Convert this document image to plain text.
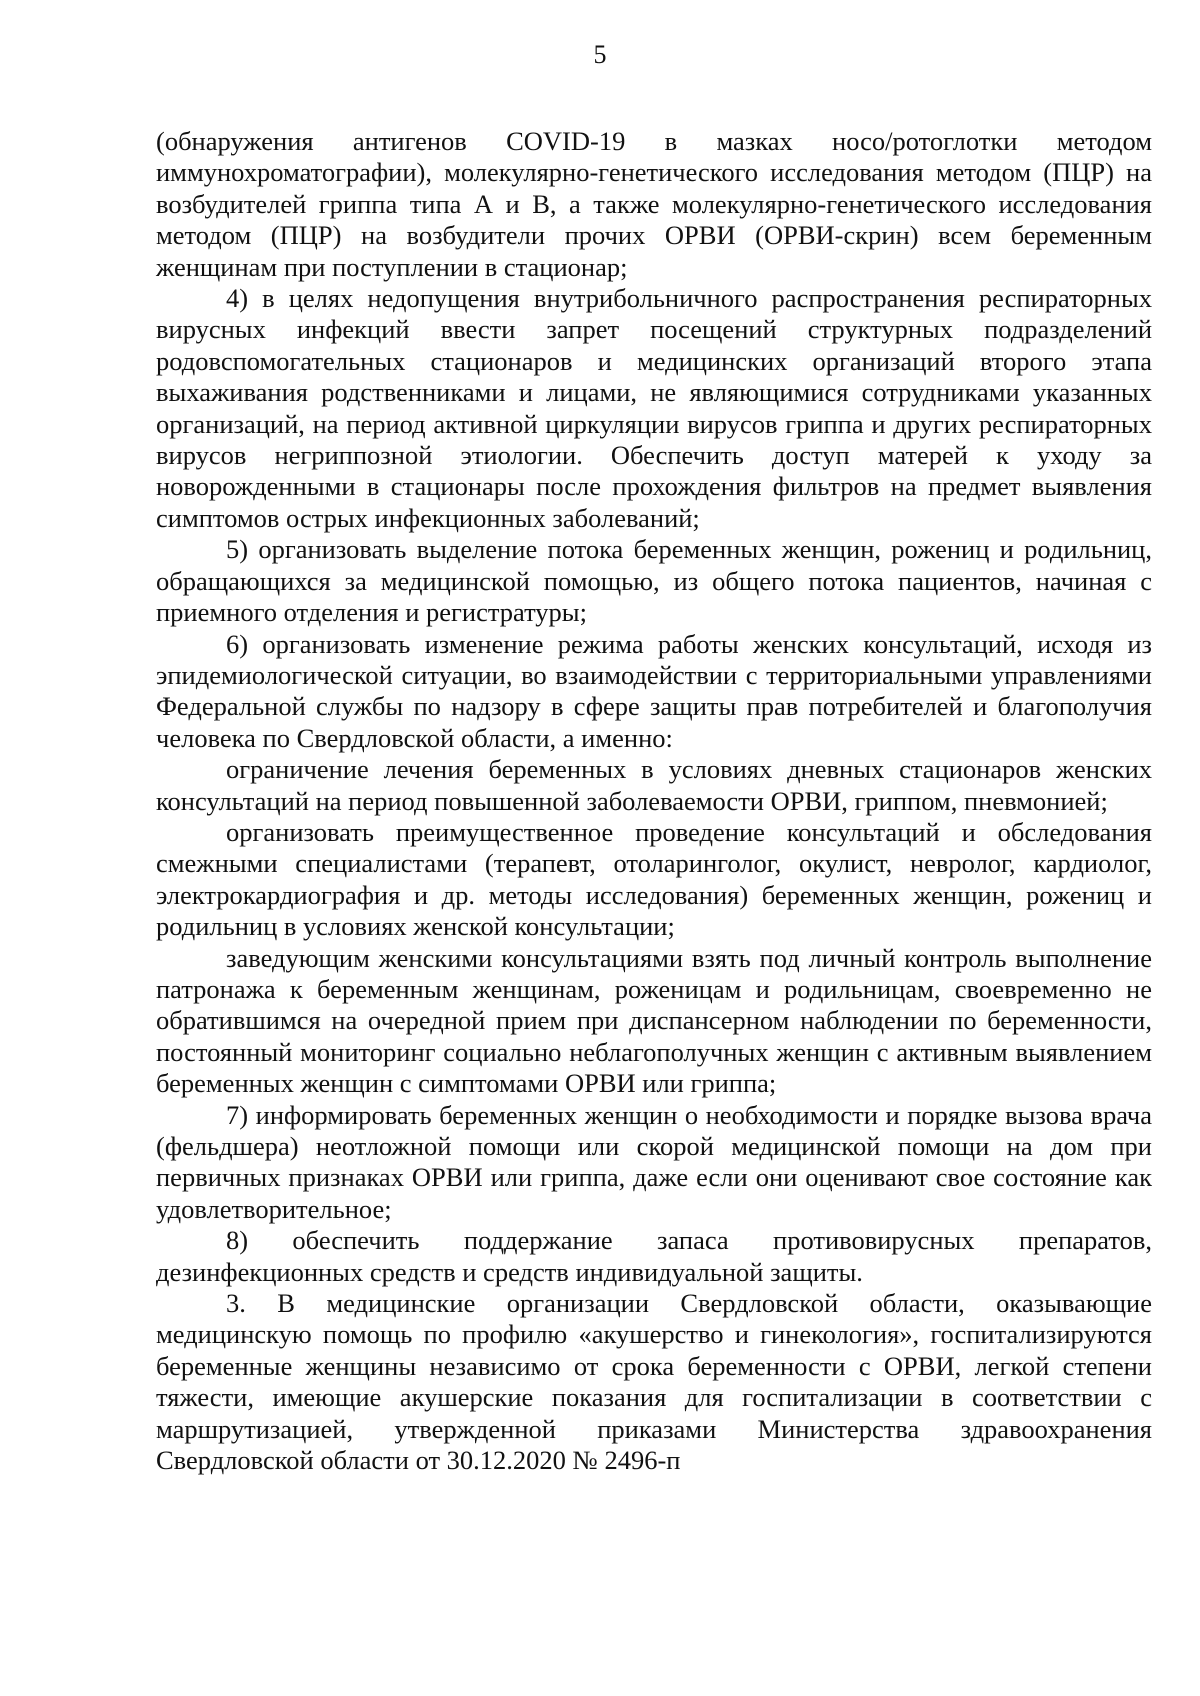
5

(обнаружения антигенов COVID-19 в мазках носо/ротоглотки методом иммунохроматографии), молекулярно-генетического исследования методом (ПЦР) на возбудителей гриппа типа А и В, а также молекулярно-генетического исследования методом (ПЦР) на возбудители прочих ОРВИ (ОРВИ-скрин) всем беременным женщинам при поступлении в стационар;

4) в целях недопущения внутрибольничного распространения респираторных вирусных инфекций ввести запрет посещений структурных подразделений родовспомогательных стационаров и медицинских организаций второго этапа выхаживания родственниками и лицами, не являющимися сотрудниками указанных организаций, на период активной циркуляции вирусов гриппа и других респираторных вирусов негриппозной этиологии. Обеспечить доступ матерей к уходу за новорожденными в стационары после прохождения фильтров на предмет выявления симптомов острых инфекционных заболеваний;

5) организовать выделение потока беременных женщин, рожениц и родильниц, обращающихся за медицинской помощью, из общего потока пациентов, начиная с приемного отделения и регистратуры;

6) организовать изменение режима работы женских консультаций, исходя из эпидемиологической ситуации, во взаимодействии с территориальными управлениями Федеральной службы по надзору в сфере защиты прав потребителей и благополучия человека по Свердловской области, а именно:

ограничение лечения беременных в условиях дневных стационаров женских консультаций на период повышенной заболеваемости ОРВИ, гриппом, пневмонией;

организовать преимущественное проведение консультаций и обследования смежными специалистами (терапевт, отоларинголог, окулист, невролог, кардиолог, электрокардиография и др. методы исследования) беременных женщин, рожениц и родильниц в условиях женской консультации;

заведующим женскими консультациями взять под личный контроль выполнение патронажа к беременным женщинам, роженицам и родильницам, своевременно не обратившимся на очередной прием при диспансерном наблюдении по беременности, постоянный мониторинг социально неблагополучных женщин с активным выявлением беременных женщин с симптомами ОРВИ или гриппа;

7) информировать беременных женщин о необходимости и порядке вызова врача (фельдшера) неотложной помощи или скорой медицинской помощи на дом при первичных признаках ОРВИ или гриппа, даже если они оценивают свое состояние как удовлетворительное;

8) обеспечить поддержание запаса противовирусных препаратов, дезинфекционных средств и средств индивидуальной защиты.

3. В медицинские организации Свердловской области, оказывающие медицинскую помощь по профилю «акушерство и гинекология», госпитализируются беременные женщины независимо от срока беременности с ОРВИ, легкой степени тяжести, имеющие акушерские показания для госпитализации в соответствии с маршрутизацией, утвержденной приказами Министерства здравоохранения Свердловской области от 30.12.2020 № 2496-п
